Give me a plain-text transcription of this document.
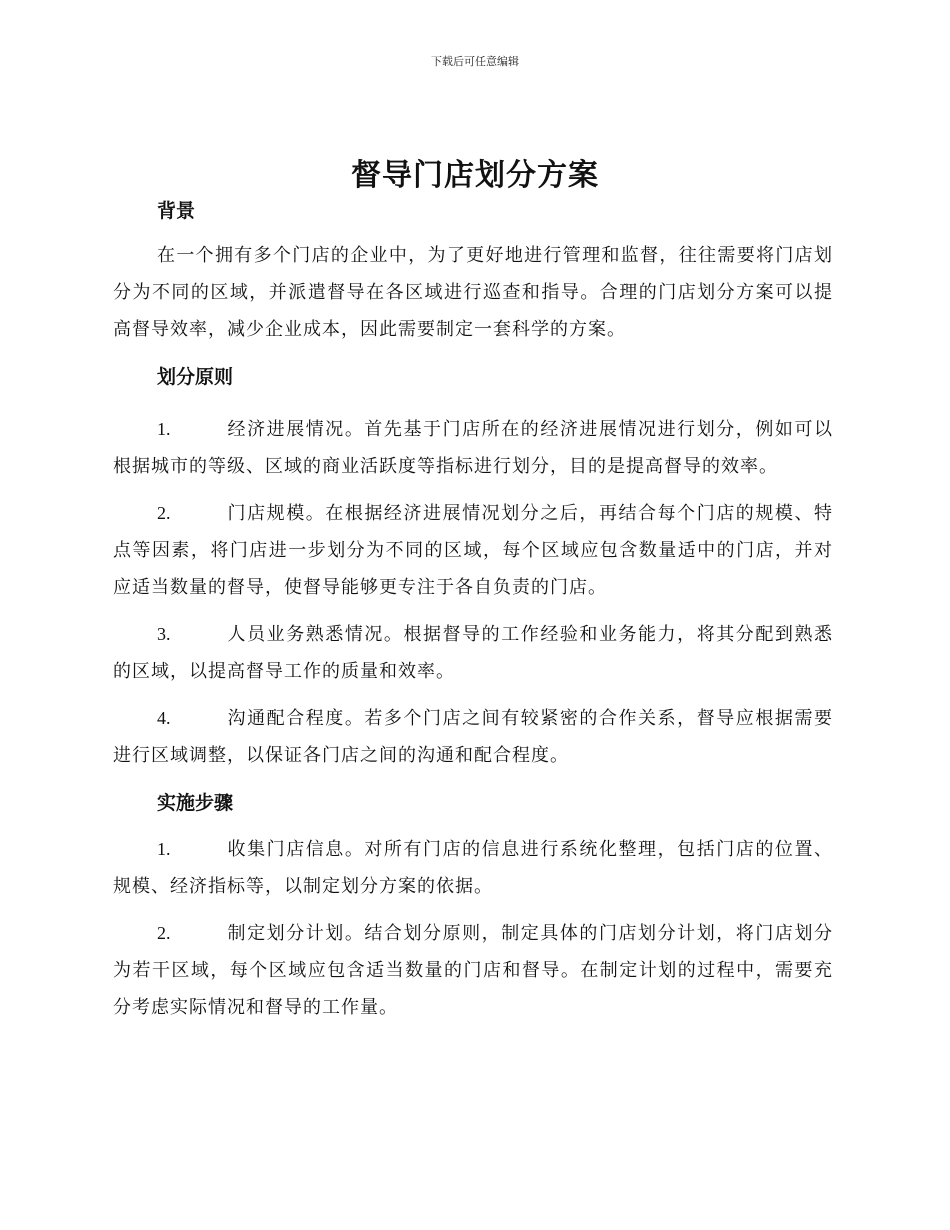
下载后可任意编辑
督导门店划分方案
背景

在一个拥有多个门店的企业中，为了更好地进行管理和监督，往往需要将门店划分为不同的区域，并派遣督导在各区域进行巡查和指导。合理的门店划分方案可以提高督导效率，减少企业成本，因此需要制定一套科学的方案。

划分原则

1.	经济进展情况。首先基于门店所在的经济进展情况进行划分，例如可以根据城市的等级、区域的商业活跃度等指标进行划分，目的是提高督导的效率。

2.	门店规模。在根据经济进展情况划分之后，再结合每个门店的规模、特点等因素，将门店进一步划分为不同的区域，每个区域应包含数量适中的门店，并对应适当数量的督导，使督导能够更专注于各自负责的门店。

3.	人员业务熟悉情况。根据督导的工作经验和业务能力，将其分配到熟悉的区域，以提高督导工作的质量和效率。

4.	沟通配合程度。若多个门店之间有较紧密的合作关系，督导应根据需要进行区域调整，以保证各门店之间的沟通和配合程度。

实施步骤

1.	收集门店信息。对所有门店的信息进行系统化整理，包括门店的位置、规模、经济指标等，以制定划分方案的依据。

2.	制定划分计划。结合划分原则，制定具体的门店划分计划，将门店划分为若干区域，每个区域应包含适当数量的门店和督导。在制定计划的过程中，需要充分考虑实际情况和督导的工作量。
